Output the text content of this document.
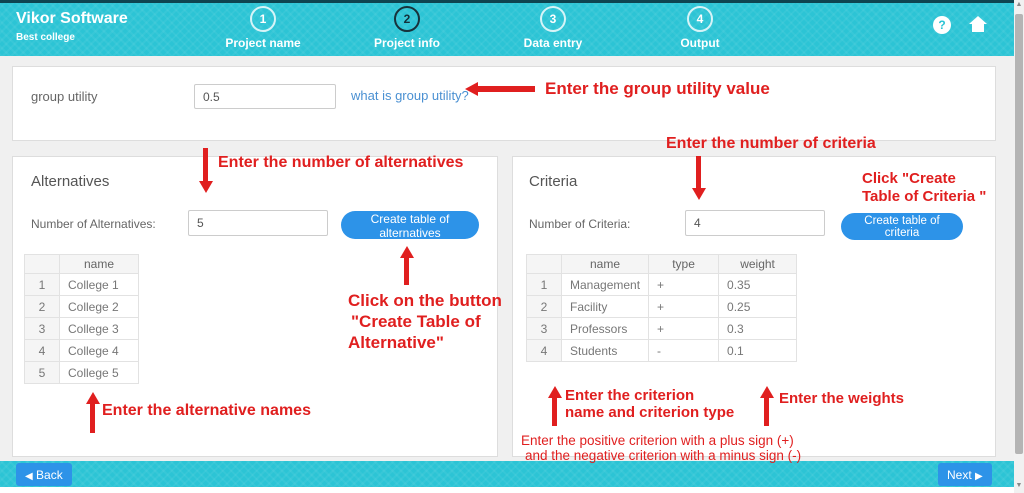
Vikor Software
Best college
1
Project name
2
Project info
3
Data entry
4
Output
?
group utility
0.5	what is group utility?
Alternatives
Number of Alternatives:
5	Create table of alternatives
	name
1	College 1
2	College 2
3	College 3
4	College 4
5	College 5
Criteria
Number of Criteria:
4	Create table of criteria
	name	type	weight
1	Management	+	0.35
2	Facility	+	0.25
3	Professors	+	0.3
4	Students	-	0.1
Enter the group utility value
Enter the number of alternatives
Click on the button
"Create Table of
Alternative"
Enter the alternative names
Enter the number of criteria
Click "Create
Table of Criteria "
Enter the criterion
name and criterion type
Enter the weights
Enter the positive criterion with a plus sign (+)
and the negative criterion with a minus sign (-)
◀ Back	Next ▶
▲
▼
